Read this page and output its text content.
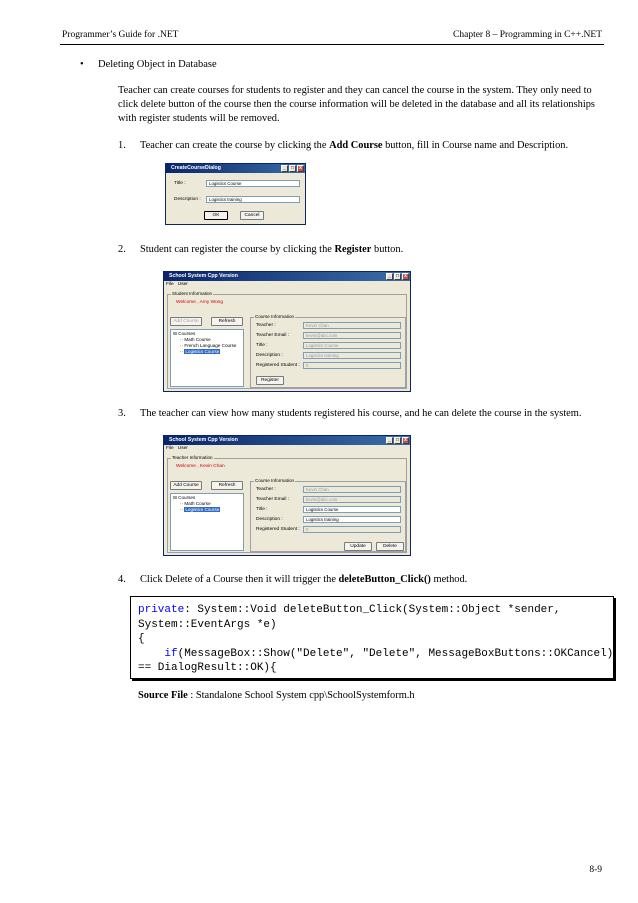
Programmer’s Guide for .NET	Chapter 8 – Programming in C++.NET
• Deleting Object in Database
Teacher can create courses for students to register and they can cancel the course in the system. They only need to click delete button of the course then the course information will be deleted in the database and all its relationships with register students will be removed.
1. Teacher can create the course by clicking the Add Course button, fill in Course name and Description.
CreateCourseDialog	_	□	x
Title :	Logistics Course
Description :	Logistics training
OK	Cancel
2. Student can register the course by clicking the Register button.
School System Cpp Version	_	□	x
File User
Student Information
Welcome , Amy Wong
Add Course	Refresh
⊟ Courses
·· Math Course
·· French Language Course
·· Logistics Course
Course Information
Teacher :	Kevin Chan
Teacher Email :	kevin@abc.com
Title :	Logistics Course
Description :	Logistics training
Registered Student :	0
Register
3. The teacher can view how many students registered his course, and he can delete the course in the system.
School System Cpp Version	_	□	x
File User
Teacher Information
Welcome , Kevin Chan
Add Course	Refresh
⊟ Courses
·· Math Course
·· Logistics Course
Course Information
Teacher :	Kevin Chan
Teacher Email :	kevin@abc.com
Title :	Logistics Course
Description :	Logistics training
Registered Student :	0
Update	Delete
4. Click Delete of a Course then it will trigger the deleteButton_Click() method.
private: System::Void deleteButton_Click(System::Object *sender,
System::EventArgs *e)
{
if(MessageBox::Show("Delete", "Delete", MessageBoxButtons::OKCancel)
== DialogResult::OK){
Source File : Standalone School System cpp\SchoolSystemform.h
8-9
